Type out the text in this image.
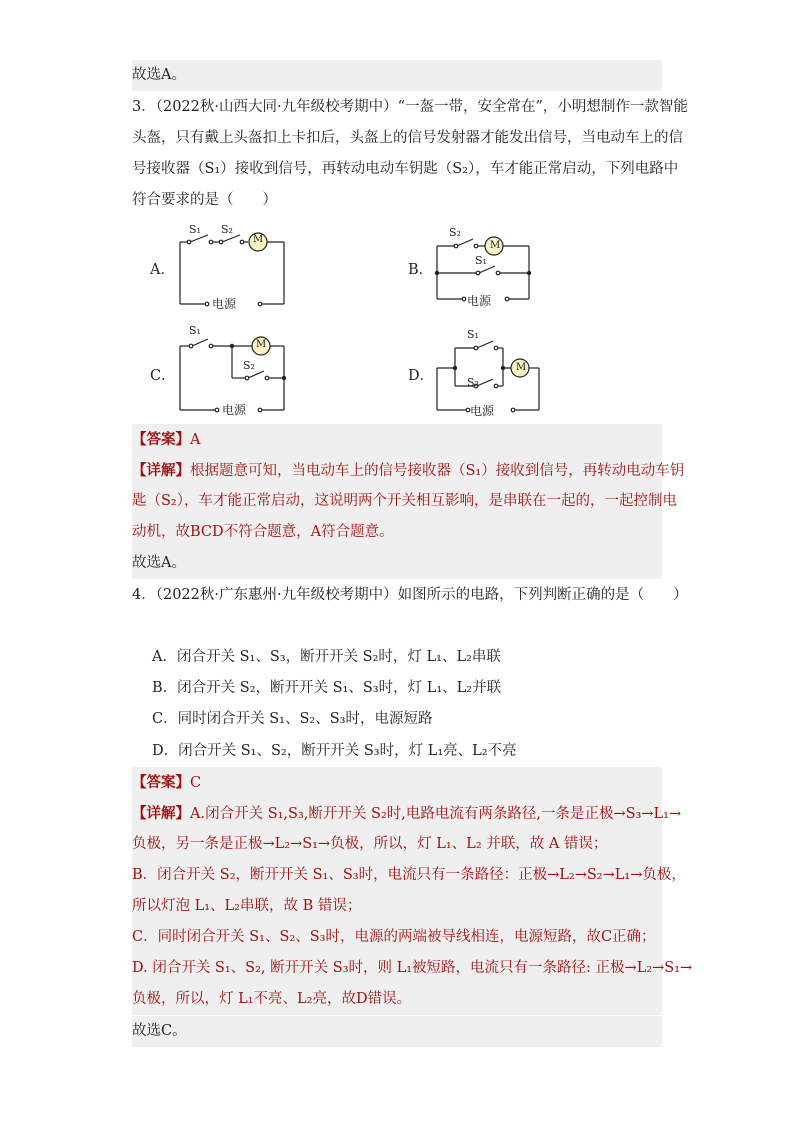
故选A。
3．（2022秋·山西大同·九年级校考期中）“一盔一带，安全常在”，小明想制作一款智能
头盔，只有戴上头盔扣上卡扣后，头盔上的信号发射器才能发出信号，当电动车上的信
号接收器（S₁）接收到信号，再转动电动车钥匙（S₂），车才能正常启动，下列电路中
符合要求的是（　　）
A．
S₁ S₂
M
电源
B．
S₂
S₁
M
电源
C．
S₁
S₂
M
电源
D．
S₁
S₂
M
电源
【答案】A
【详解】根据题意可知，当电动车上的信号接收器（S₁）接收到信号，再转动电动车钥
匙（S₂），车才能正常启动，这说明两个开关相互影响，是串联在一起的，一起控制电
动机，故BCD不符合题意，A符合题意。
故选A。
4．（2022秋·广东惠州·九年级校考期中）如图所示的电路，下列判断正确的是（　　）
A．闭合开关 S₁、S₃，断开开关 S₂时，灯 L₁、L₂串联
B．闭合开关 S₂，断开开关 S₁、S₃时，灯 L₁、L₂并联
C．同时闭合开关 S₁、S₂、S₃时，电源短路
D．闭合开关 S₁、S₂，断开开关 S₃时，灯 L₁亮、L₂不亮
【答案】C
【详解】A.闭合开关 S₁,S₃,断开开关 S₂时,电路电流有两条路径,一条是正极→S₃→L₁→
负极，另一条是正极→L₂→S₁→负极，所以，灯 L₁、L₂ 并联，故 A 错误；
B．闭合开关 S₂，断开开关 S₁、S₃时，电流只有一条路径：正极→L₂→S₂→L₁→负极，
所以灯泡 L₁、L₂串联，故 B 错误；
C．同时闭合开关 S₁、S₂、S₃时，电源的两端被导线相连，电源短路，故C正确；
D. 闭合开关 S₁、S₂, 断开开关 S₃时，则 L₁被短路，电流只有一条路径: 正极→L₂→S₁→
负极，所以，灯 L₁不亮、L₂亮，故D错误。
故选C。
